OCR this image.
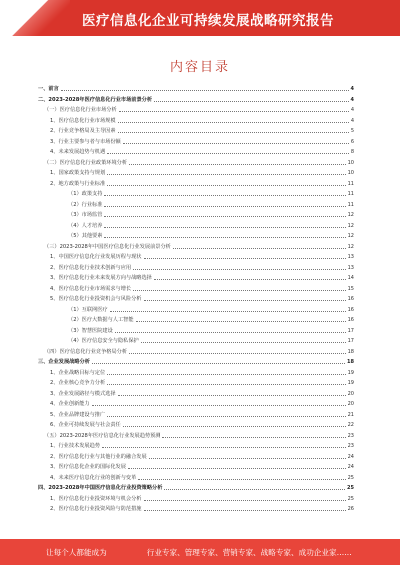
医疗信息化企业可持续发展战略研究报告
内容目录
一、前言	4
二、2023-2028年医疗信息化行业市场前景分析	4
（一）医疗信息化行业市场分析	4
1、医疗信息化行业市场规模	4
2、行业竞争格局及主导因素	5
3、行业主要参与者与市场份额	6
4、未来发展趋势与机遇	8
（二）医疗信息化行业政策环境分析	10
1、国家政策支持与规划	10
2、地方政策与行业标准	11
（1）政策支持	11
（2）行业标准	11
（3）市场监管	12
（4）人才培养	12
（5）其他要素	12
（三）2023-2028年中国医疗信息化行业发展前景分析	12
1、中国医疗信息化行业发展历程与现状	13
2、医疗信息化行业技术创新与应用	13
3、医疗信息化行业未来发展方向与战略选择	14
4、医疗信息化行业市场需求与增长	15
5、医疗信息化行业投资机会与风险分析	16
（1）互联网医疗	16
（2）医疗大数据与人工智能	16
（3）智慧医院建设	17
（4）医疗信息安全与隐私保护	17
（四）医疗信息化行业竞争格局分析	18
三、企业发展战略分析	18
1、企业战略目标与定位	19
2、企业核心竞争力分析	19
3、企业发展路径与模式选择	20
4、企业创新能力	20
5、企业品牌建设与推广	21
6、企业可持续发展与社会责任	22
（五）2023-2028年医疗信息化行业发展趋势预测	23
1、行业技术发展趋势	23
2、医疗信息化行业与其他行业的融合发展	24
3、医疗信息化企业的国际化发展	24
4、未来医疗信息化行业的创新与变革	25
四、2023-2028年中国医疗信息化行业投资策略分析	25
1、医疗信息化行业投资环境与机会分析	25
2、医疗信息化行业投资风险与防范措施	26
让每个人都能成为	行业专家、管理专家、营销专家、战略专家、成功企业家……
